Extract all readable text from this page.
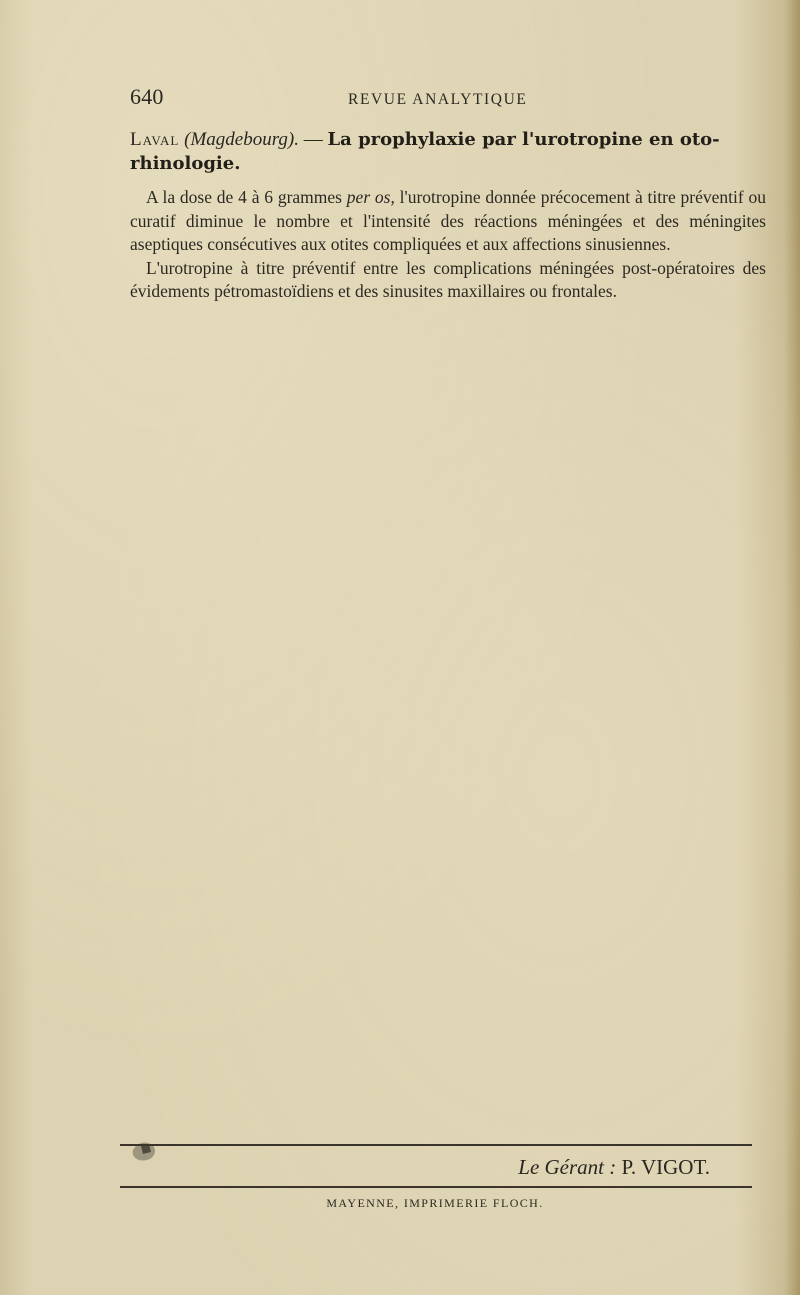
640	REVUE ANALYTIQUE
Laval (Magdebourg). — La prophylaxie par l'urotropine en oto-rhinologie.

A la dose de 4 à 6 grammes per os, l'urotropine donnée précocement à titre préventif ou curatif diminue le nombre et l'intensité des réactions méningées et des méningites aseptiques consécutives aux otites compliquées et aux affections sinusiennes.

L'urotropine à titre préventif entre les complications méningées post-opératoires des évidements pétromastoïdiens et des sinusites maxillaires ou frontales.

Le Gérant : P. VIGOT.
MAYENNE, IMPRIMERIE FLOCH.
